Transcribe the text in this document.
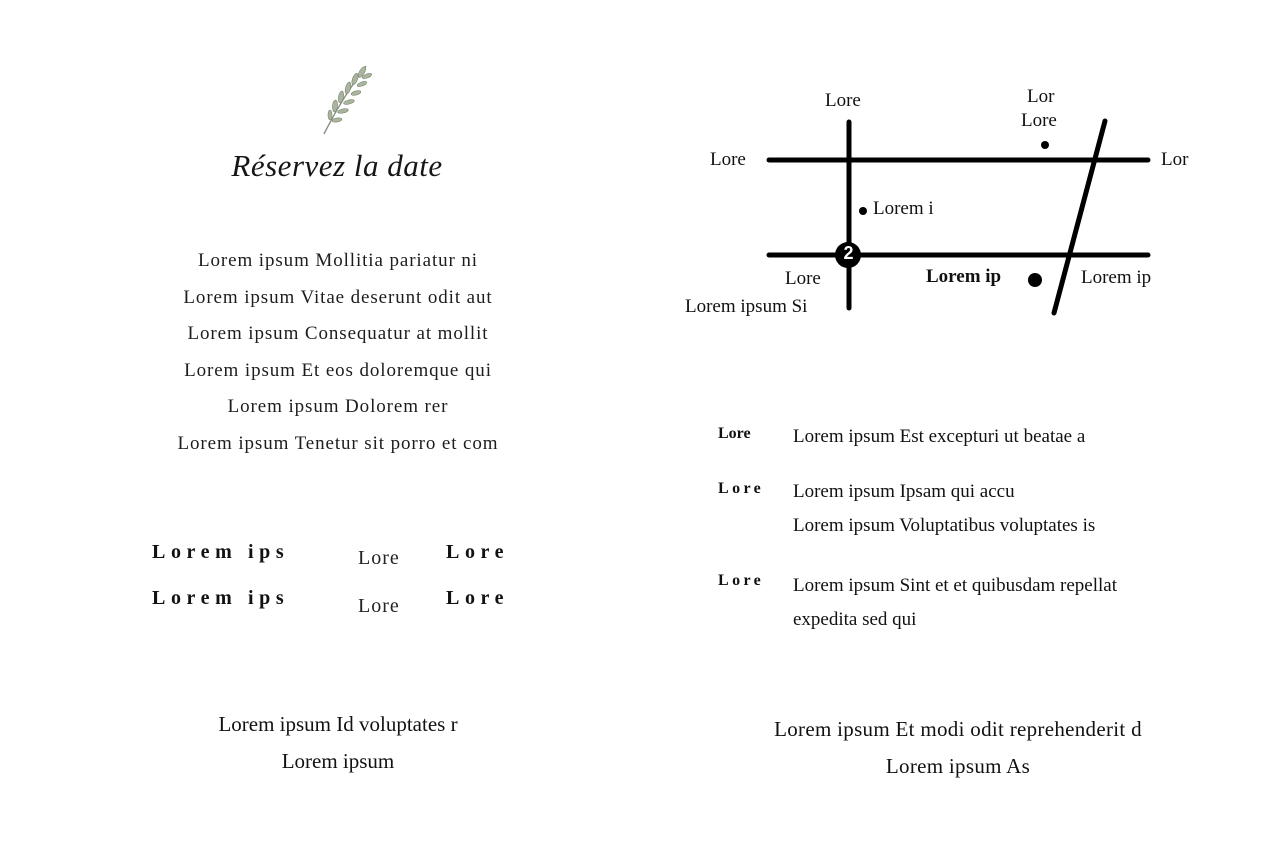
Réservez la date
Lorem ipsum Mollitia pariatur ni
Lorem ipsum Vitae deserunt odit aut
Lorem ipsum Consequatur at mollit
Lorem ipsum Et eos doloremque qui
Lorem ipsum Dolorem rer
Lorem ipsum Tenetur sit porro et com
Lorem ips	Lore Lore
Lorem ips	Lore Lore
Lorem ipsum Id voluptates r
Lorem ipsum
2
Lore	Lor
Lore
Lore	Lor
Lorem i
Lore
Lorem ipsum Si
Lorem ip	Lorem ip
Lore Lorem ipsum Est excepturi ut beatae a
Lore Lorem ipsum Ipsam qui accu
Lorem ipsum Voluptatibus voluptates is
Lore Lorem ipsum Sint et et quibusdam repellat
expedita sed qui
Lorem ipsum Et modi odit reprehenderit d
Lorem ipsum As
